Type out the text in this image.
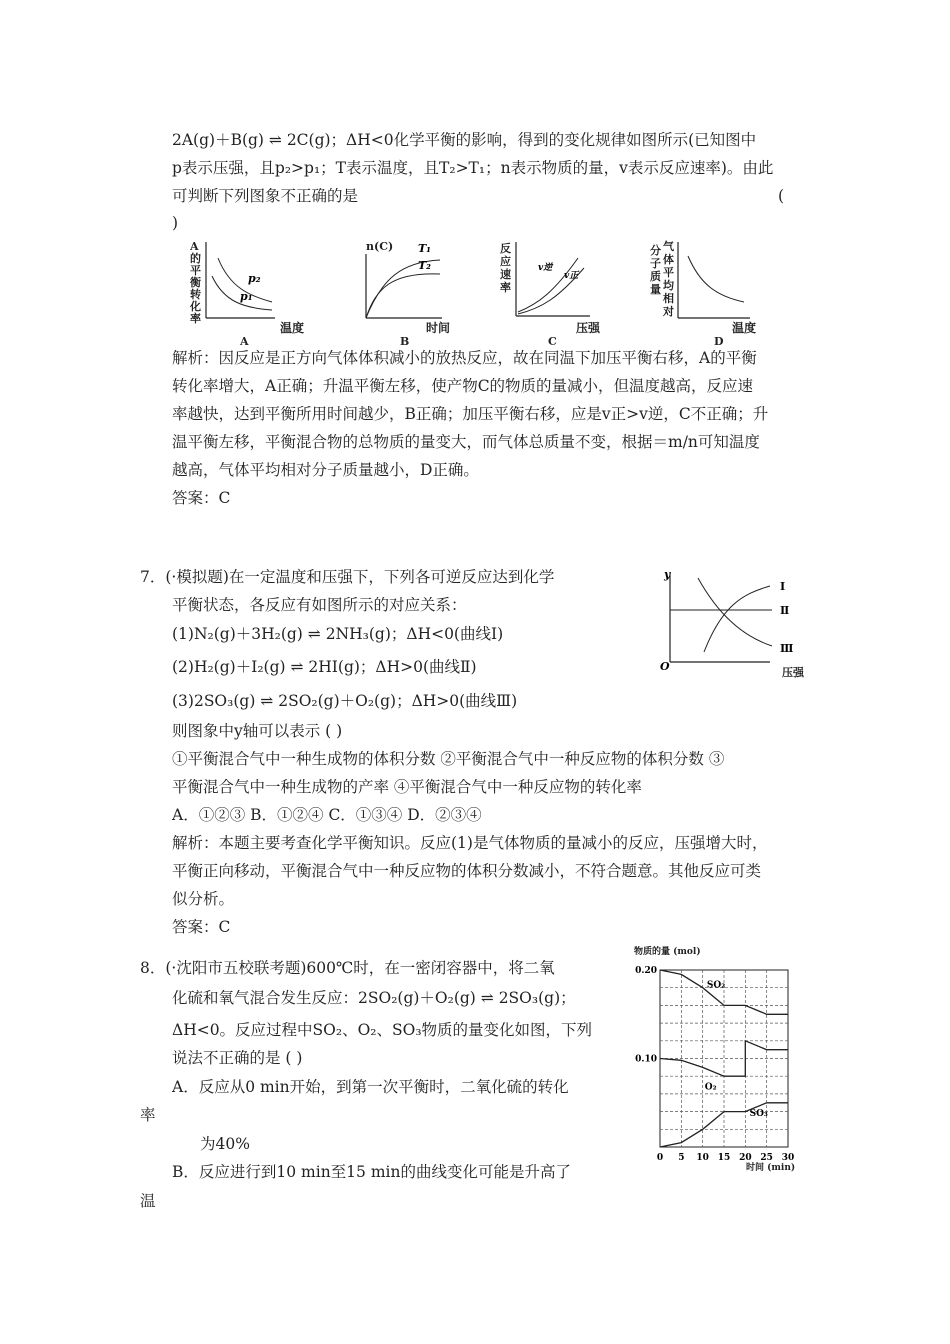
2A(g)＋B(g) ⇌ 2C(g)；ΔH<0化学平衡的影响，得到的变化规律如图所示(已知图中
p表示压强，且p₂>p₁；T表示温度，且T₂>T₁；n表示物质的量，v表示反应速率)。由此
可判断下列图象不正确的是	(
)
A
的
平
衡
转
化
率
p₂
p₁
温度
A
n(C) T₁
T₂
时间
B
反
应
速
率
v逆
v正
压强
C
分
子
质
量
气
体
平
均
相
对
温度
D
解析：因反应是正方向气体体积减小的放热反应，故在同温下加压平衡右移，A的平衡
转化率增大，A正确；升温平衡左移，使产物C的物质的量减小，但温度越高，反应速
率越快，达到平衡所用时间越少，B正确；加压平衡右移，应是v正>v逆，C不正确；升
温平衡左移，平衡混合物的总物质的量变大，而气体总质量不变，根据＝m/n可知温度
越高，气体平均相对分子质量越小，D正确。
答案：C
7．(·模拟题)在一定温度和压强下，下列各可逆反应达到化学
平衡状态，各反应有如图所示的对应关系：
(1)N₂(g)＋3H₂(g) ⇌ 2NH₃(g)；ΔH<0(曲线Ⅰ)
(2)H₂(g)＋I₂(g) ⇌ 2HI(g)；ΔH>0(曲线Ⅱ)
(3)2SO₃(g) ⇌ 2SO₂(g)＋O₂(g)；ΔH>0(曲线Ⅲ)
则图象中y轴可以表示 ( )
①平衡混合气中一种生成物的体积分数 ②平衡混合气中一种反应物的体积分数 ③
平衡混合气中一种生成物的产率 ④平衡混合气中一种反应物的转化率
A．①②③ B．①②④ C．①③④ D．②③④
解析：本题主要考查化学平衡知识。反应(1)是气体物质的量减小的反应，压强增大时，
平衡正向移动，平衡混合气中一种反应物的体积分数减小，不符合题意。其他反应可类
似分析。
答案：C
y
O
Ⅰ
Ⅱ
Ⅲ
压强
8．(·沈阳市五校联考题)600℃时，在一密闭容器中，将二氧
化硫和氧气混合发生反应：2SO₂(g)＋O₂(g) ⇌ 2SO₃(g)；
ΔH<0。反应过程中SO₂、O₂、SO₃物质的量变化如图，下列
说法不正确的是 ( )
A．反应从0 min开始，到第一次平衡时，二氧化硫的转化
率
为40%
B．反应进行到10 min至15 min的曲线变化可能是升高了
温
物质的量 (mol)
时间 (min)
SO₂
O₂
SO₃
0 5 10 15 20 25 30
0.20
0.10
